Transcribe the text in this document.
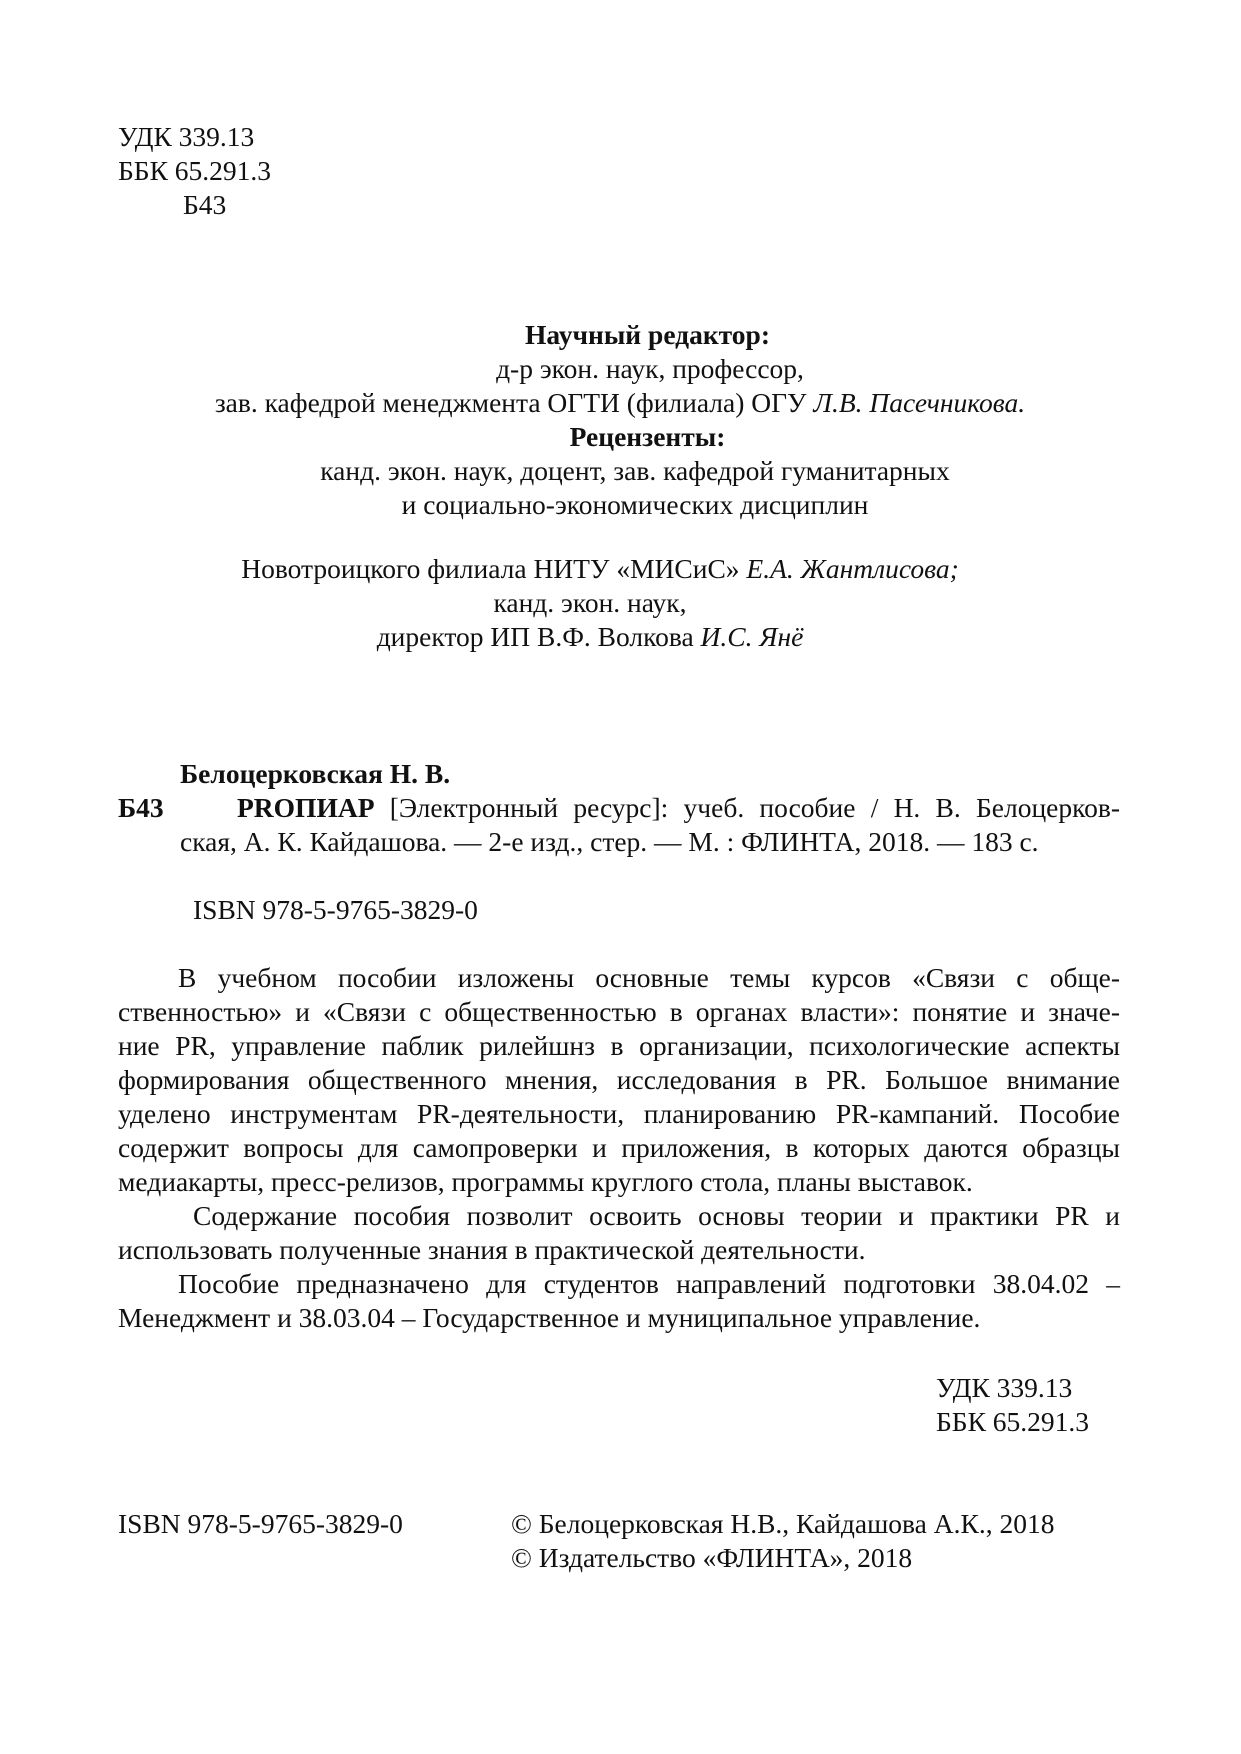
УДК 339.13
ББК 65.291.3
Б43
Научный редактор:
д-р экон. наук, профессор,
зав. кафедрой менеджмента ОГТИ (филиала) ОГУ Л.В. Пасечникова.
Рецензенты:
канд. экон. наук, доцент, зав. кафедрой гуманитарных
и социально-экономических дисциплин
Новотроицкого филиала НИТУ «МИСиС» Е.А. Жантлисова;
канд. экон. наук,
директор ИП В.Ф. Волкова И.С. Янё
Белоцерковская Н. В.
Б43	PROПИАР [Электронный ресурс]: учеб. пособие / Н. В. Белоцерков-
ская, А. К. Кайдашова. — 2-е изд., стер. — М. : ФЛИНТА, 2018. — 183 с.
ISBN 978-5-9765-3829-0
В учебном пособии изложены основные темы курсов «Связи с обще-
ственностью» и «Связи с общественностью в органах власти»: понятие и значе-
ние PR, управление паблик рилейшнз в организации, психологические аспекты
формирования общественного мнения, исследования в PR. Большое внимание
уделено инструментам PR-деятельности, планированию PR-кампаний. Пособие
содержит вопросы для самопроверки и приложения, в которых даются образцы
медиакарты, пресс-релизов, программы круглого стола, планы выставок.
Содержание пособия позволит освоить основы теории и практики PR и
использовать полученные знания в практической деятельности.
Пособие предназначено для студентов направлений подготовки 38.04.02 –
Менеджмент и 38.03.04 – Государственное и муниципальное управление.
УДК 339.13
ББК 65.291.3
ISBN 978-5-9765-3829-0	© Белоцерковская Н.В., Кайдашова А.К., 2018
© Издательство «ФЛИНТА», 2018
